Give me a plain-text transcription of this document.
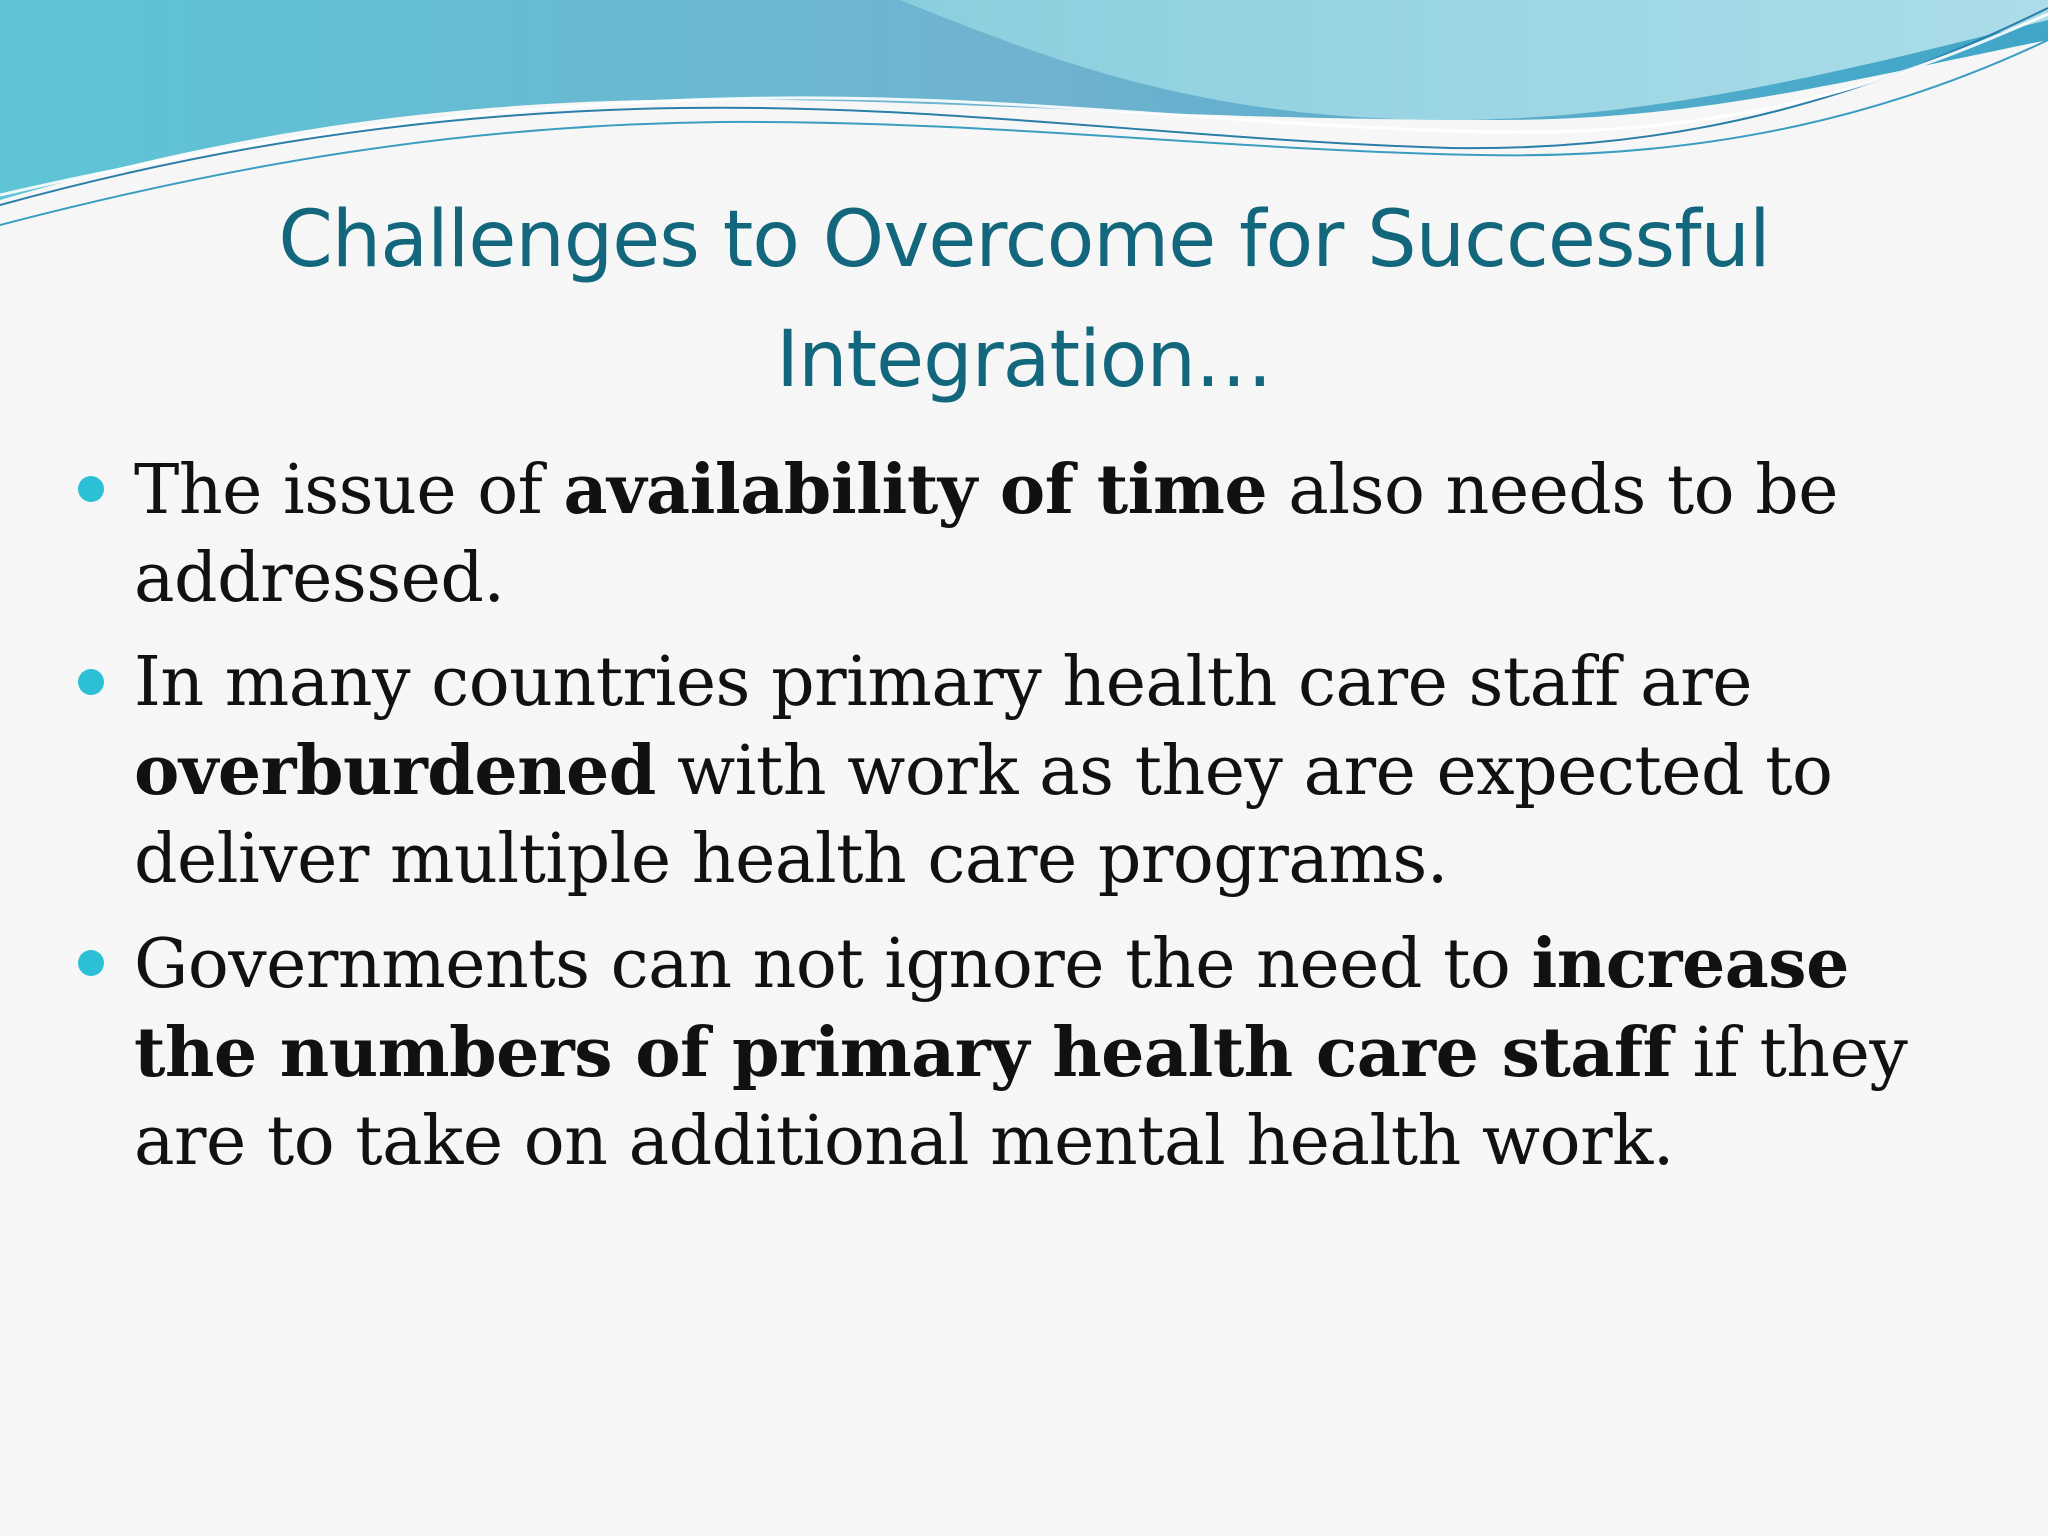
Challenges to Overcome for Successful
Integration…
The issue of availability of time also needs to be addressed.
In many countries primary health care staff are overburdened with work as they are expected to deliver multiple health care programs.
Governments can not ignore the need to increase the numbers of primary health care staff if they are to take on additional mental health work.
